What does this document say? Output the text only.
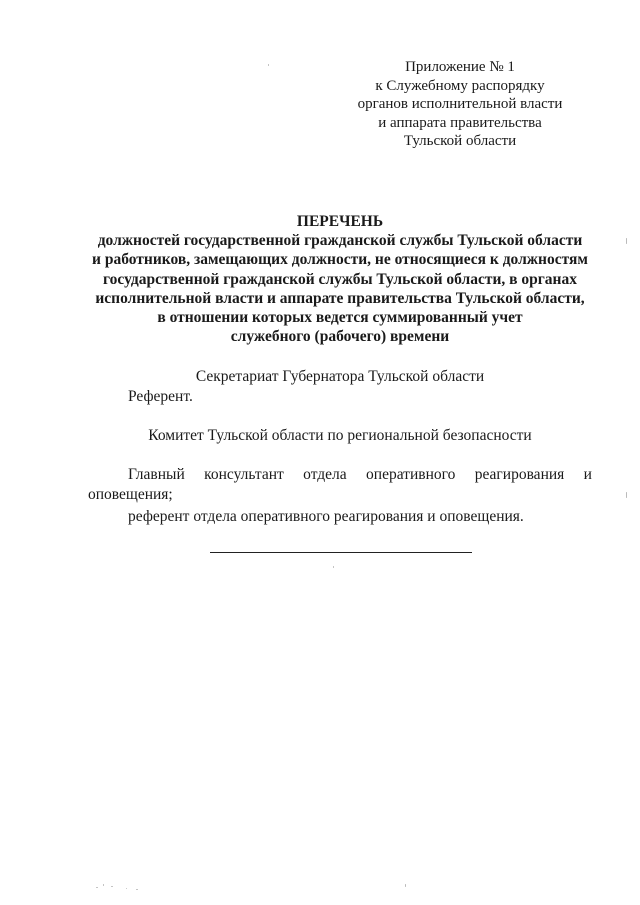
Приложение № 1
к Служебному распорядку
органов исполнительной власти
и аппарата правительства
Тульской области
ПЕРЕЧЕНЬ
должностей государственной гражданской службы Тульской области
и работников, замещающих должности, не относящиеся к должностям
государственной гражданской службы Тульской области, в органах
исполнительной власти и аппарате правительства Тульской области,
в отношении которых ведется суммированный учет
служебного (рабочего) времени
Секретариат Губернатора Тульской области
Референт.
Комитет Тульской области по региональной безопасности
Главный консультант отдела оперативного реагирования и
оповещения;
референт отдела оперативного реагирования и оповещения.
